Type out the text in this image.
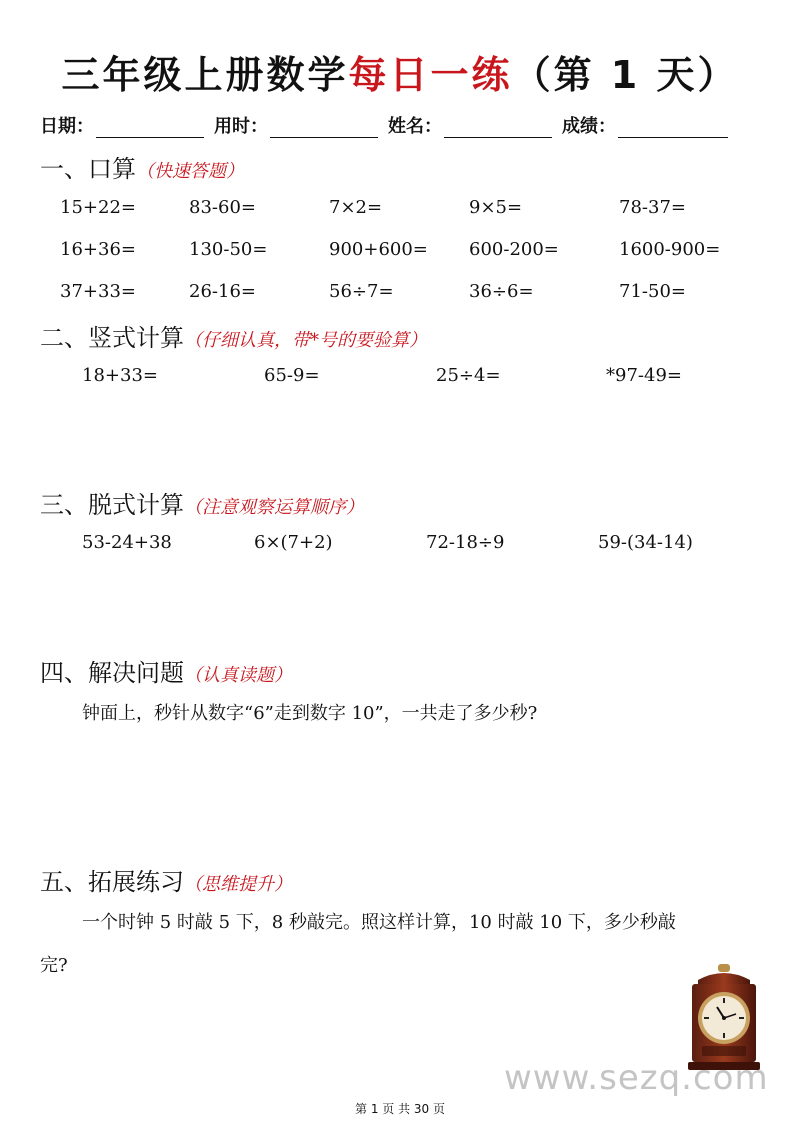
三年级上册数学每日一练（第 1 天）
日期：	用时：	姓名：	成绩：
一、口算（快速答题）
15+22=	83-60=	7×2=	9×5=	78-37=
16+36=	130-50=	900+600= 600-200=	1600-900=
37+33=	26-16=	56÷7=	36÷6=	71-50=
二、竖式计算（仔细认真，带*号的要验算）
18+33=	65-9=	25÷4=	*97-49=
三、脱式计算（注意观察运算顺序）
53-24+38	6×(7+2)	72-18÷9	59-(34-14)
四、解决问题（认真读题）
钟面上，秒针从数字“6”走到数字 10”，一共走了多少秒?
五、拓展练习（思维提升）
一个时钟 5 时敲 5 下，8 秒敲完。照这样计算，10 时敲 10 下，多少秒敲
完?
www.sezq.com
第 1 页 共 30 页
